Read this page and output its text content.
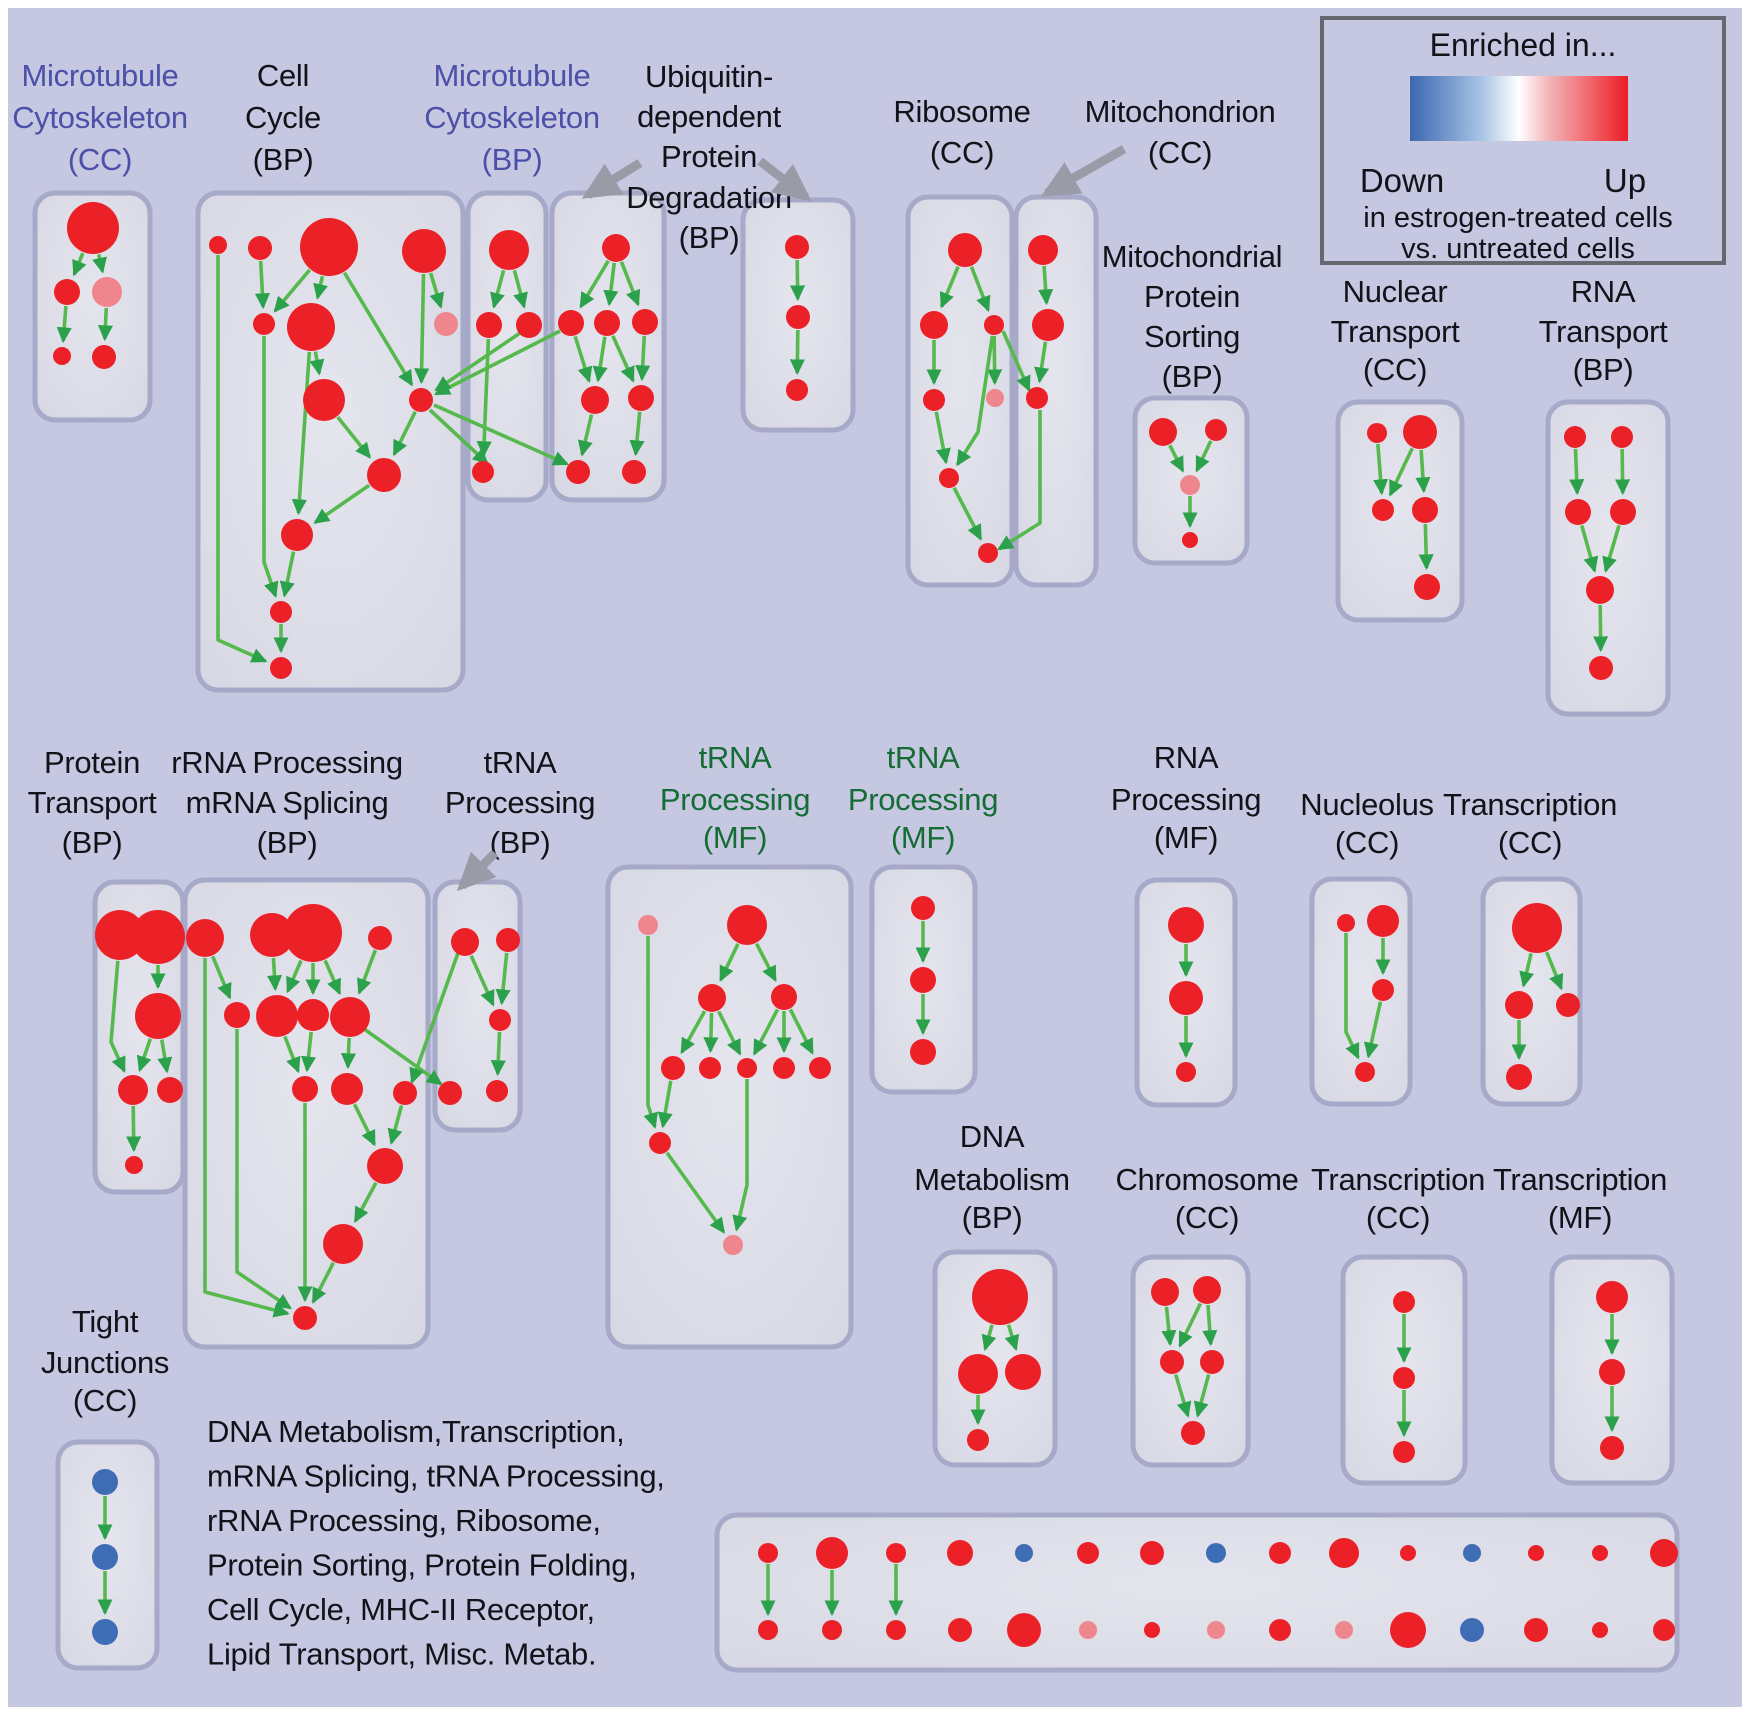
Microtubule Cytoskeleton (CC)
Cell Cycle (BP)
Microtubule Cytoskeleton (BP)
Ubiquitin-dependent Protein Degradation (BP)
Ribosome (CC)
Mitochondrion (CC)
Mitochondrial Protein Sorting (BP)
Nuclear Transport (CC)
RNA Transport (BP)
Protein Transport (BP)
rRNA Processing mRNA Splicing (BP)
tRNA Processing (BP)
tRNA Processing (MF)
tRNA Processing (MF)
RNA Processing (MF)
Nucleolus (CC)
Transcription (CC)
DNA Metabolism (BP)
Chromosome (CC)
Transcription (CC)
Transcription (MF)
Tight Junctions (CC)
Enriched in...
Down	Up
in estrogen-treated cells
vs. untreated cells
DNA Metabolism,Transcription,
mRNA Splicing, tRNA Processing,
rRNA Processing, Ribosome,
Protein Sorting, Protein Folding,
Cell Cycle, MHC-II Receptor,
Lipid Transport, Misc. Metab.
